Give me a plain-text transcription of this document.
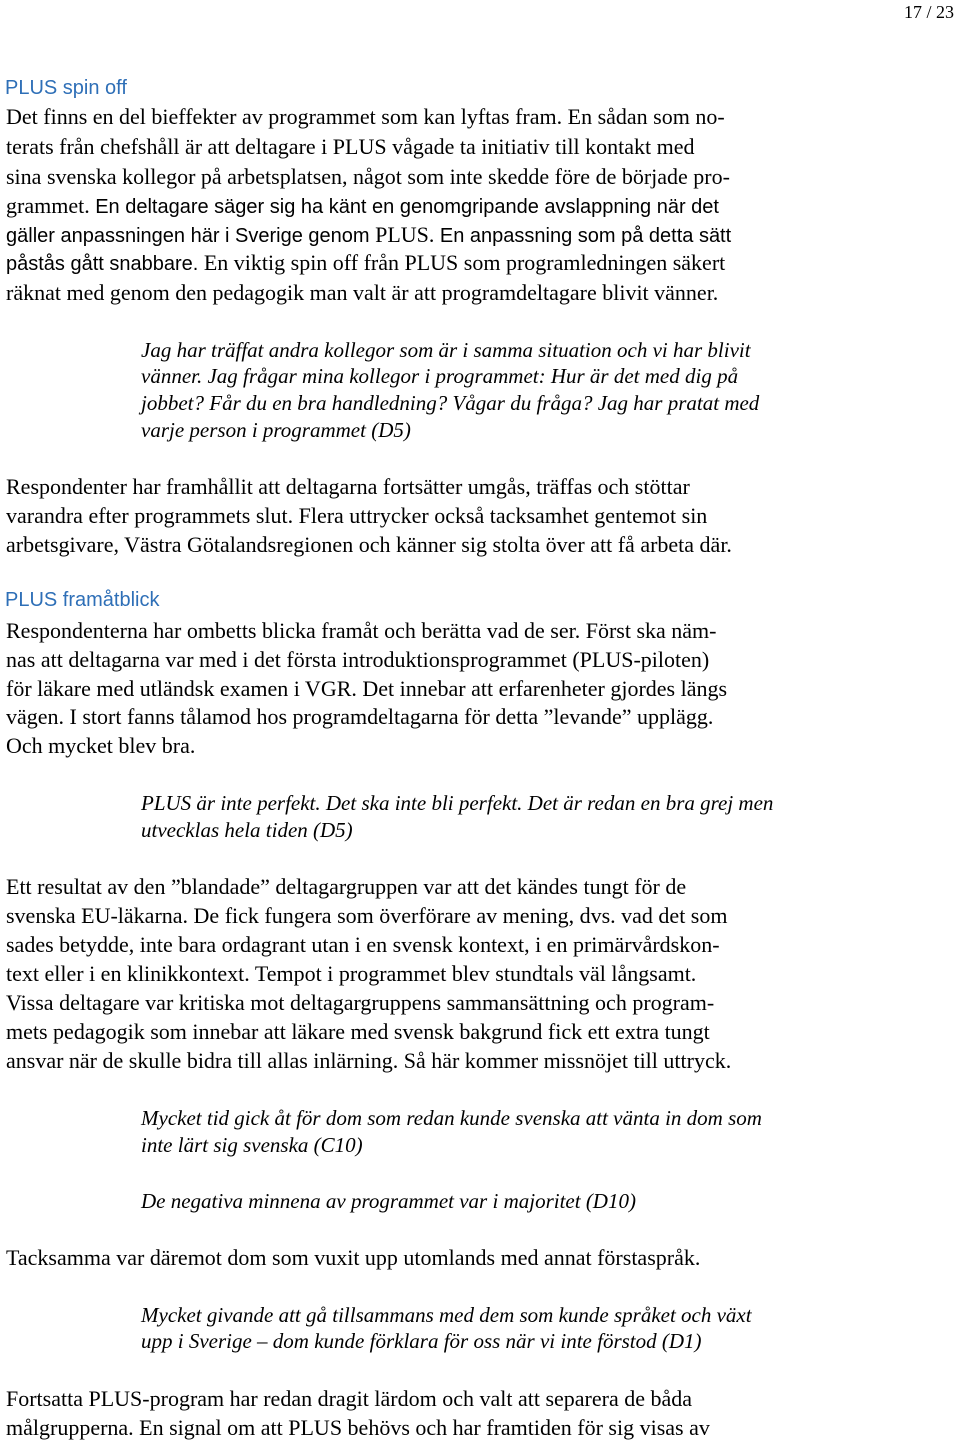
17 / 23
PLUS spin off
Det finns en del bieffekter av programmet som kan lyftas fram. En sådan som no-
terats från chefshåll är att deltagare i PLUS vågade ta initiativ till kontakt med
sina svenska kollegor på arbetsplatsen, något som inte skedde före de började pro-
grammet. En deltagare säger sig ha känt en genomgripande avslappning när det
gäller anpassningen här i Sverige genom PLUS. En anpassning som på detta sätt
påstås gått snabbare. En viktig spin off från PLUS som programledningen säkert
räknat med genom den pedagogik man valt är att programdeltagare blivit vänner.
Jag har träffat andra kollegor som är i samma situation och vi har blivit
vänner. Jag frågar mina kollegor i programmet: Hur är det med dig på
jobbet? Får du en bra handledning? Vågar du fråga? Jag har pratat med
varje person i programmet (D5)
Respondenter har framhållit att deltagarna fortsätter umgås, träffas och stöttar
varandra efter programmets slut. Flera uttrycker också tacksamhet gentemot sin
arbetsgivare, Västra Götalandsregionen och känner sig stolta över att få arbeta där.
PLUS framåtblick
Respondenterna har ombetts blicka framåt och berätta vad de ser. Först ska näm-
nas att deltagarna var med i det första introduktionsprogrammet (PLUS-piloten)
för läkare med utländsk examen i VGR. Det innebar att erfarenheter gjordes längs
vägen. I stort fanns tålamod hos programdeltagarna för detta ”levande” upplägg.
Och mycket blev bra.
PLUS är inte perfekt. Det ska inte bli perfekt. Det är redan en bra grej men
utvecklas hela tiden (D5)
Ett resultat av den ”blandade” deltagargruppen var att det kändes tungt för de
svenska EU-läkarna. De fick fungera som överförare av mening, dvs. vad det som
sades betydde, inte bara ordagrant utan i en svensk kontext, i en primärvårdskon-
text eller i en klinikkontext. Tempot i programmet blev stundtals väl långsamt.
Vissa deltagare var kritiska mot deltagargruppens sammansättning och program-
mets pedagogik som innebar att läkare med svensk bakgrund fick ett extra tungt
ansvar när de skulle bidra till allas inlärning. Så här kommer missnöjet till uttryck.
Mycket tid gick åt för dom som redan kunde svenska att vänta in dom som
inte lärt sig svenska (C10)
De negativa minnena av programmet var i majoritet (D10)
Tacksamma var däremot dom som vuxit upp utomlands med annat förstaspråk.
Mycket givande att gå tillsammans med dem som kunde språket och växt
upp i Sverige – dom kunde förklara för oss när vi inte förstod (D1)
Fortsatta PLUS-program har redan dragit lärdom och valt att separera de båda
målgrupperna. En signal om att PLUS behövs och har framtiden för sig visas av
